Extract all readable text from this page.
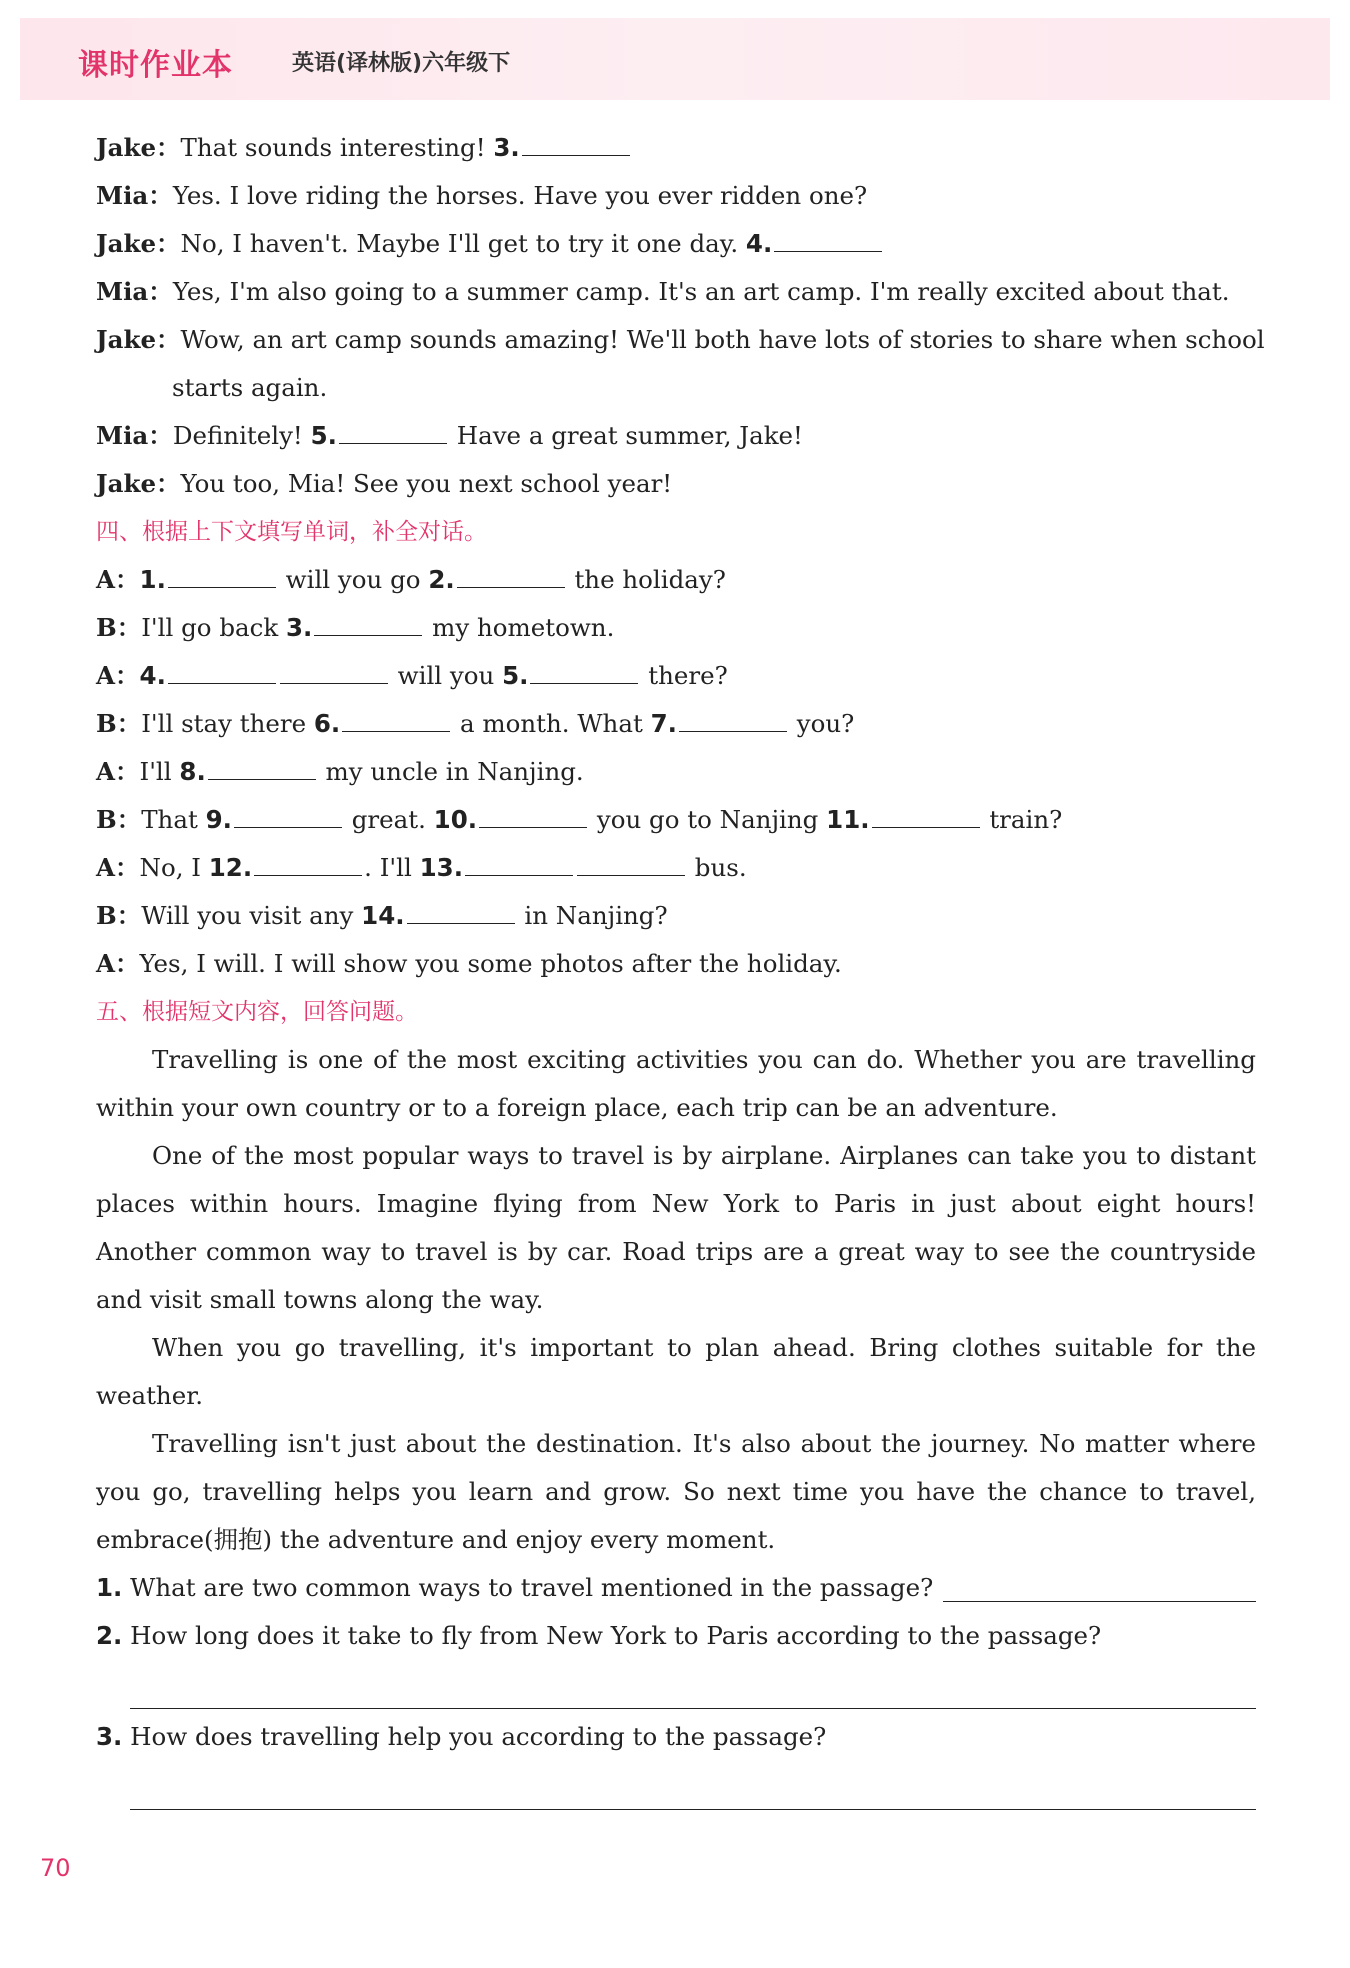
课时作业本	英语(译林版)六年级下
Jake：That sounds interesting! 3.
Mia：Yes. I love riding the horses. Have you ever ridden one?
Jake：No, I haven't. Maybe I'll get to try it one day. 4.
Mia：Yes, I'm also going to a summer camp. It's an art camp. I'm really excited about that.
Jake：Wow, an art camp sounds amazing! We'll both have lots of stories to share when school
starts again.
Mia：Definitely! 5.	Have a great summer, Jake!
Jake：You too, Mia! See you next school year!
四、根据上下文填写单词，补全对话。
A：1.	will you go 2.	the holiday?
B：I'll go back 3.	my hometown.
A：4.	will you 5.	there?
B：I'll stay there 6.	a month. What 7.	you?
A：I'll 8.	my uncle in Nanjing.
B：That 9.	great. 10.	you go to Nanjing 11.	train?
A：No, I 12.	. I'll 13.	bus.
B：Will you visit any 14.	in Nanjing?
A：Yes, I will. I will show you some photos after the holiday.
五、根据短文内容，回答问题。
Travelling is one of the most exciting activities you can do. Whether you are travelling within your own country or to a foreign place, each trip can be an adventure.
One of the most popular ways to travel is by airplane. Airplanes can take you to distant places within hours. Imagine flying from New York to Paris in just about eight hours! Another common way to travel is by car. Road trips are a great way to see the countryside and visit small towns along the way.
When you go travelling, it's important to plan ahead. Bring clothes suitable for the weather.
Travelling isn't just about the destination. It's also about the journey. No matter where you go, travelling helps you learn and grow. So next time you have the chance to travel, embrace(拥抱) the adventure and enjoy every moment.
1. What are two common ways to travel mentioned in the passage?
2. How long does it take to fly from New York to Paris according to the passage?
3. How does travelling help you according to the passage?
70
